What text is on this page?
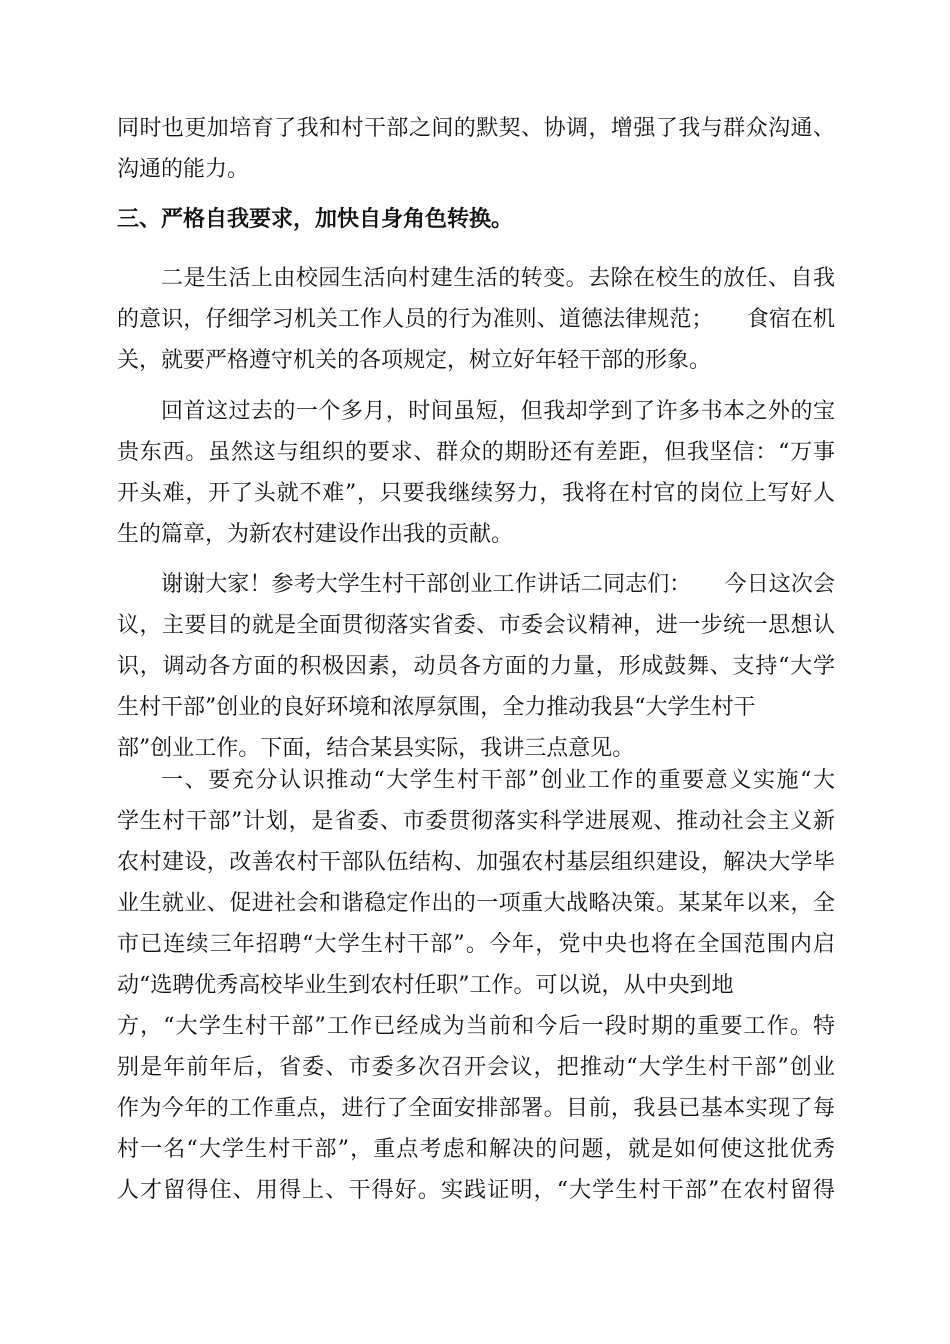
同时也更加培育了我和村干部之间的默契、协调，增强了我与群众沟通、
沟通的能力。
三、严格自我要求，加快自身角色转换。
二是生活上由校园生活向村建生活的转变。去除在校生的放任、自我
的意识，仔细学习机关工作人员的行为准则、道德法律规范；　　食宿在机
关，就要严格遵守机关的各项规定，树立好年轻干部的形象。
回首这过去的一个多月，时间虽短，但我却学到了许多书本之外的宝
贵东西。虽然这与组织的要求、群众的期盼还有差距，但我坚信：“万事
开头难，开了头就不难”，只要我继续努力，我将在村官的岗位上写好人
生的篇章，为新农村建设作出我的贡献。
谢谢大家！参考大学生村干部创业工作讲话二同志们：　　今日这次会
议，主要目的就是全面贯彻落实省委、市委会议精神，进一步统一思想认
识，调动各方面的积极因素，动员各方面的力量，形成鼓舞、支持“大学
生村干部”创业的良好环境和浓厚氛围，全力推动我县“大学生村干
部”创业工作。下面，结合某县实际，我讲三点意见。
一、要充分认识推动“大学生村干部”创业工作的重要意义实施“大
学生村干部”计划，是省委、市委贯彻落实科学进展观、推动社会主义新
农村建设，改善农村干部队伍结构、加强农村基层组织建设，解决大学毕
业生就业、促进社会和谐稳定作出的一项重大战略决策。某某年以来，全
市已连续三年招聘“大学生村干部”。今年，党中央也将在全国范围内启
动“选聘优秀高校毕业生到农村任职”工作。可以说，从中央到地
方，“大学生村干部”工作已经成为当前和今后一段时期的重要工作。特
别是年前年后，省委、市委多次召开会议，把推动“大学生村干部”创业
作为今年的工作重点，进行了全面安排部署。目前，我县已基本实现了每
村一名“大学生村干部”，重点考虑和解决的问题，就是如何使这批优秀
人才留得住、用得上、干得好。实践证明，“大学生村干部”在农村留得
